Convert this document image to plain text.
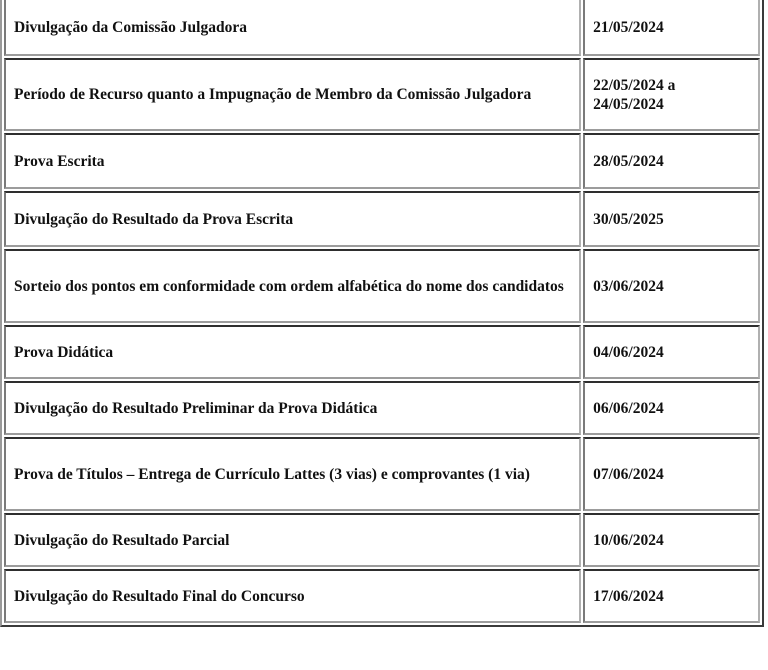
Divulgação da Comissão Julgadora	21/05/2024
Período de Recurso quanto a Impugnação de Membro da Comissão Julgadora	22/05/2024 a 24/05/2024
Prova Escrita	28/05/2024
Divulgação do Resultado da Prova Escrita	30/05/2025
Sorteio dos pontos em conformidade com ordem alfabética do nome dos candidatos	03/06/2024
Prova Didática	04/06/2024
Divulgação do Resultado Preliminar da Prova Didática	06/06/2024
Prova de Títulos – Entrega de Currículo Lattes (3 vias) e comprovantes (1 via)	07/06/2024
Divulgação do Resultado Parcial	10/06/2024
Divulgação do Resultado Final do Concurso	17/06/2024
